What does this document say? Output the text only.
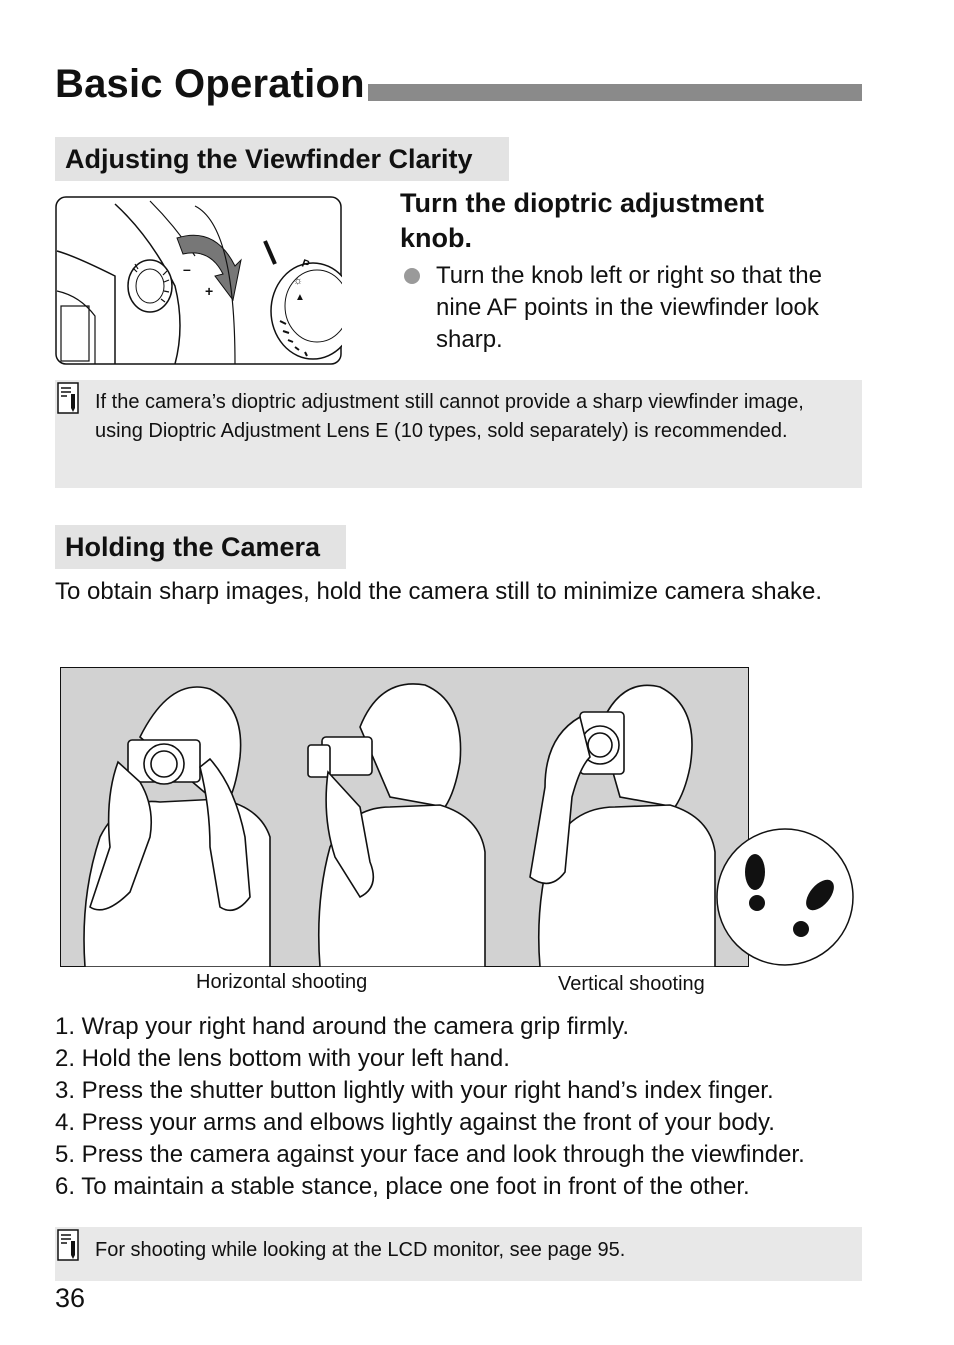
Basic Operation
Adjusting the Viewfinder Clarity
–
+
P
☼
▲
Turn the dioptric adjustment knob.
Turn the knob left or right so that the nine AF points in the viewfinder look sharp.
If the camera’s dioptric adjustment still cannot provide a sharp viewfinder image, using Dioptric Adjustment Lens E (10 types, sold separately) is recommended.
Holding the Camera

To obtain sharp images, hold the camera still to minimize camera shake.

Horizontal shooting	Vertical shooting
1. Wrap your right hand around the camera grip firmly.
2. Hold the lens bottom with your left hand.
3. Press the shutter button lightly with your right hand’s index finger.
4. Press your arms and elbows lightly against the front of your body.
5. Press the camera against your face and look through the viewfinder.
6. To maintain a stable stance, place one foot in front of the other.
For shooting while looking at the LCD monitor, see page 95.
36
